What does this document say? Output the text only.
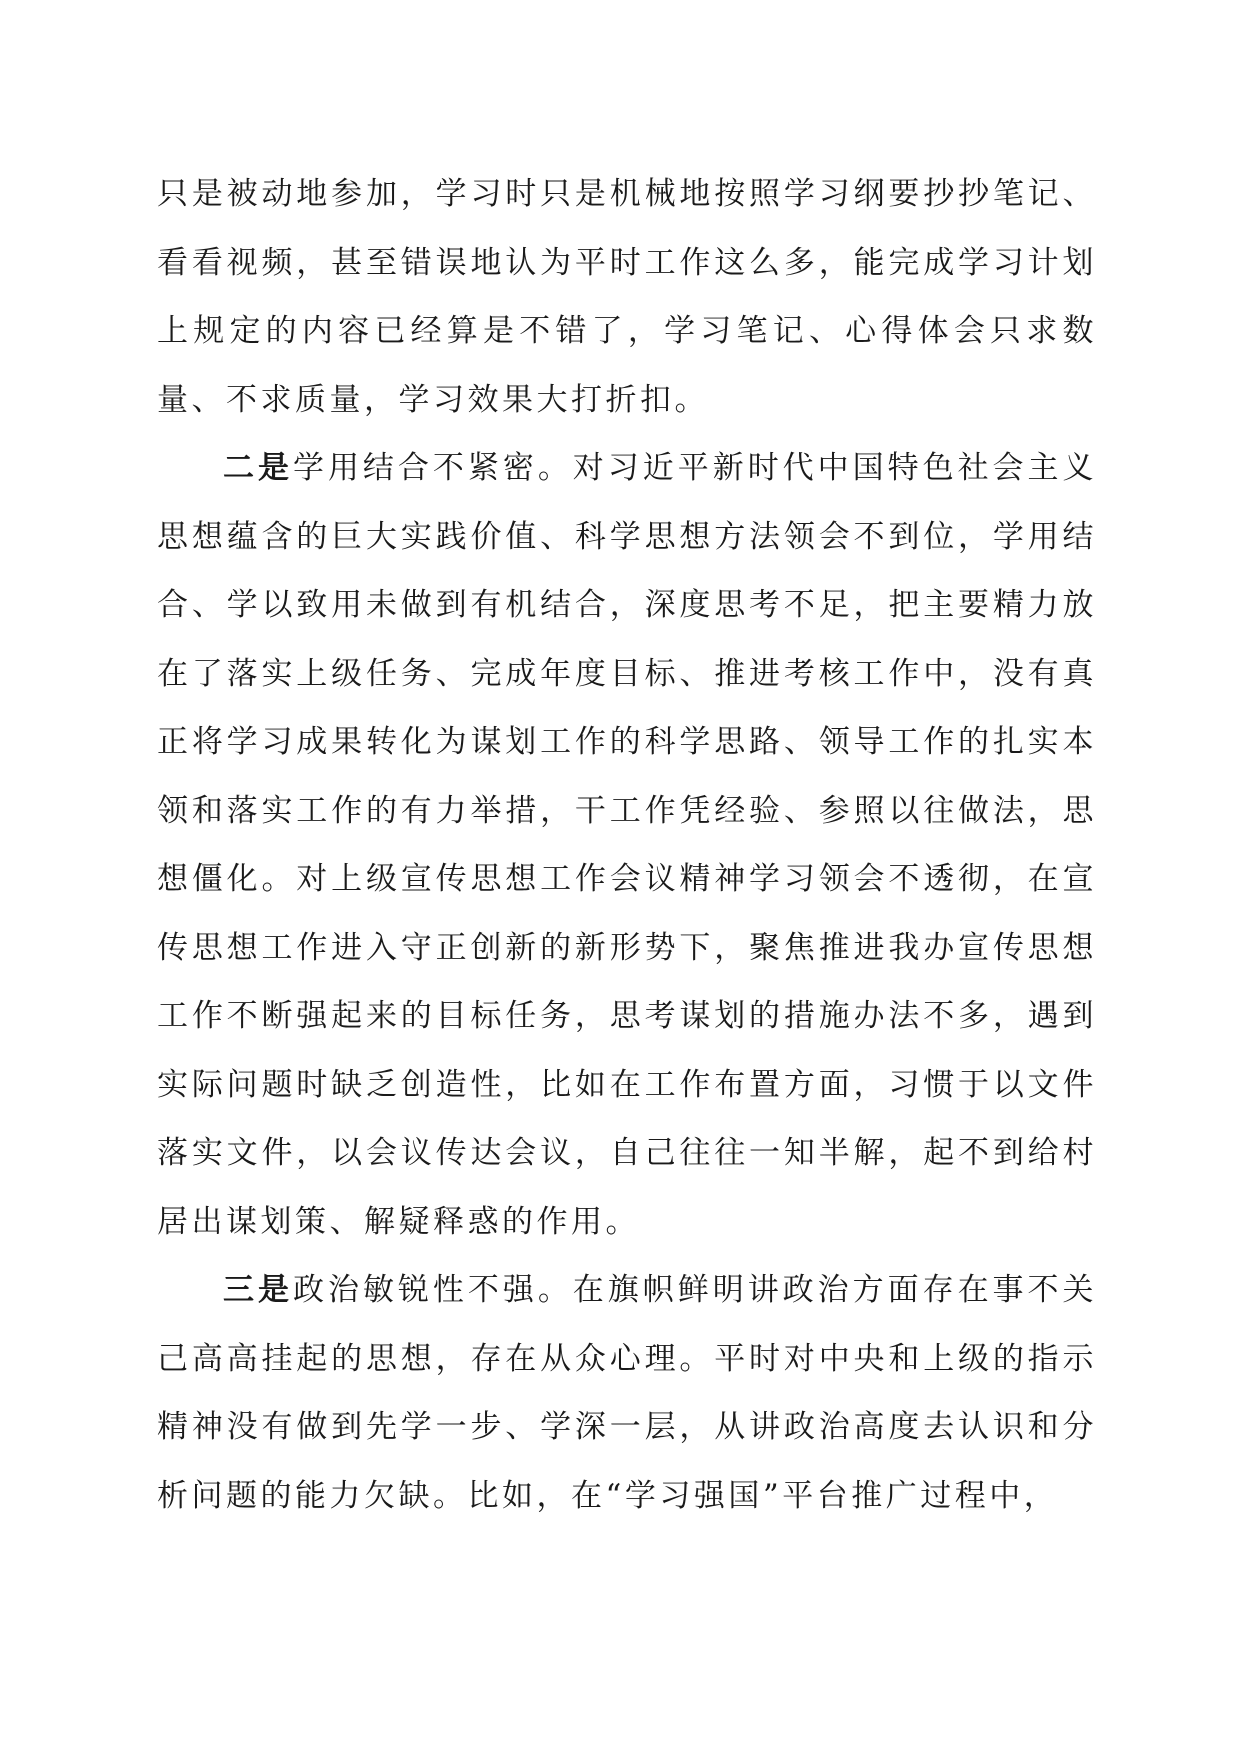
只是被动地参加，学习时只是机械地按照学习纲要抄抄笔记、看看视频，甚至错误地认为平时工作这么多，能完成学习计划上规定的内容已经算是不错了，学习笔记、心得体会只求数量、不求质量，学习效果大打折扣。

二是学用结合不紧密。对习近平新时代中国特色社会主义思想蕴含的巨大实践价值、科学思想方法领会不到位，学用结合、学以致用未做到有机结合，深度思考不足，把主要精力放在了落实上级任务、完成年度目标、推进考核工作中，没有真正将学习成果转化为谋划工作的科学思路、领导工作的扎实本领和落实工作的有力举措，干工作凭经验、参照以往做法，思想僵化。对上级宣传思想工作会议精神学习领会不透彻，在宣传思想工作进入守正创新的新形势下，聚焦推进我办宣传思想工作不断强起来的目标任务，思考谋划的措施办法不多，遇到实际问题时缺乏创造性，比如在工作布置方面，习惯于以文件落实文件，以会议传达会议，自己往往一知半解，起不到给村居出谋划策、解疑释惑的作用。

三是政治敏锐性不强。在旗帜鲜明讲政治方面存在事不关己高高挂起的思想，存在从众心理。平时对中央和上级的指示精神没有做到先学一步、学深一层，从讲政治高度去认识和分析问题的能力欠缺。比如，在“学习强国”平台推广过程中，
